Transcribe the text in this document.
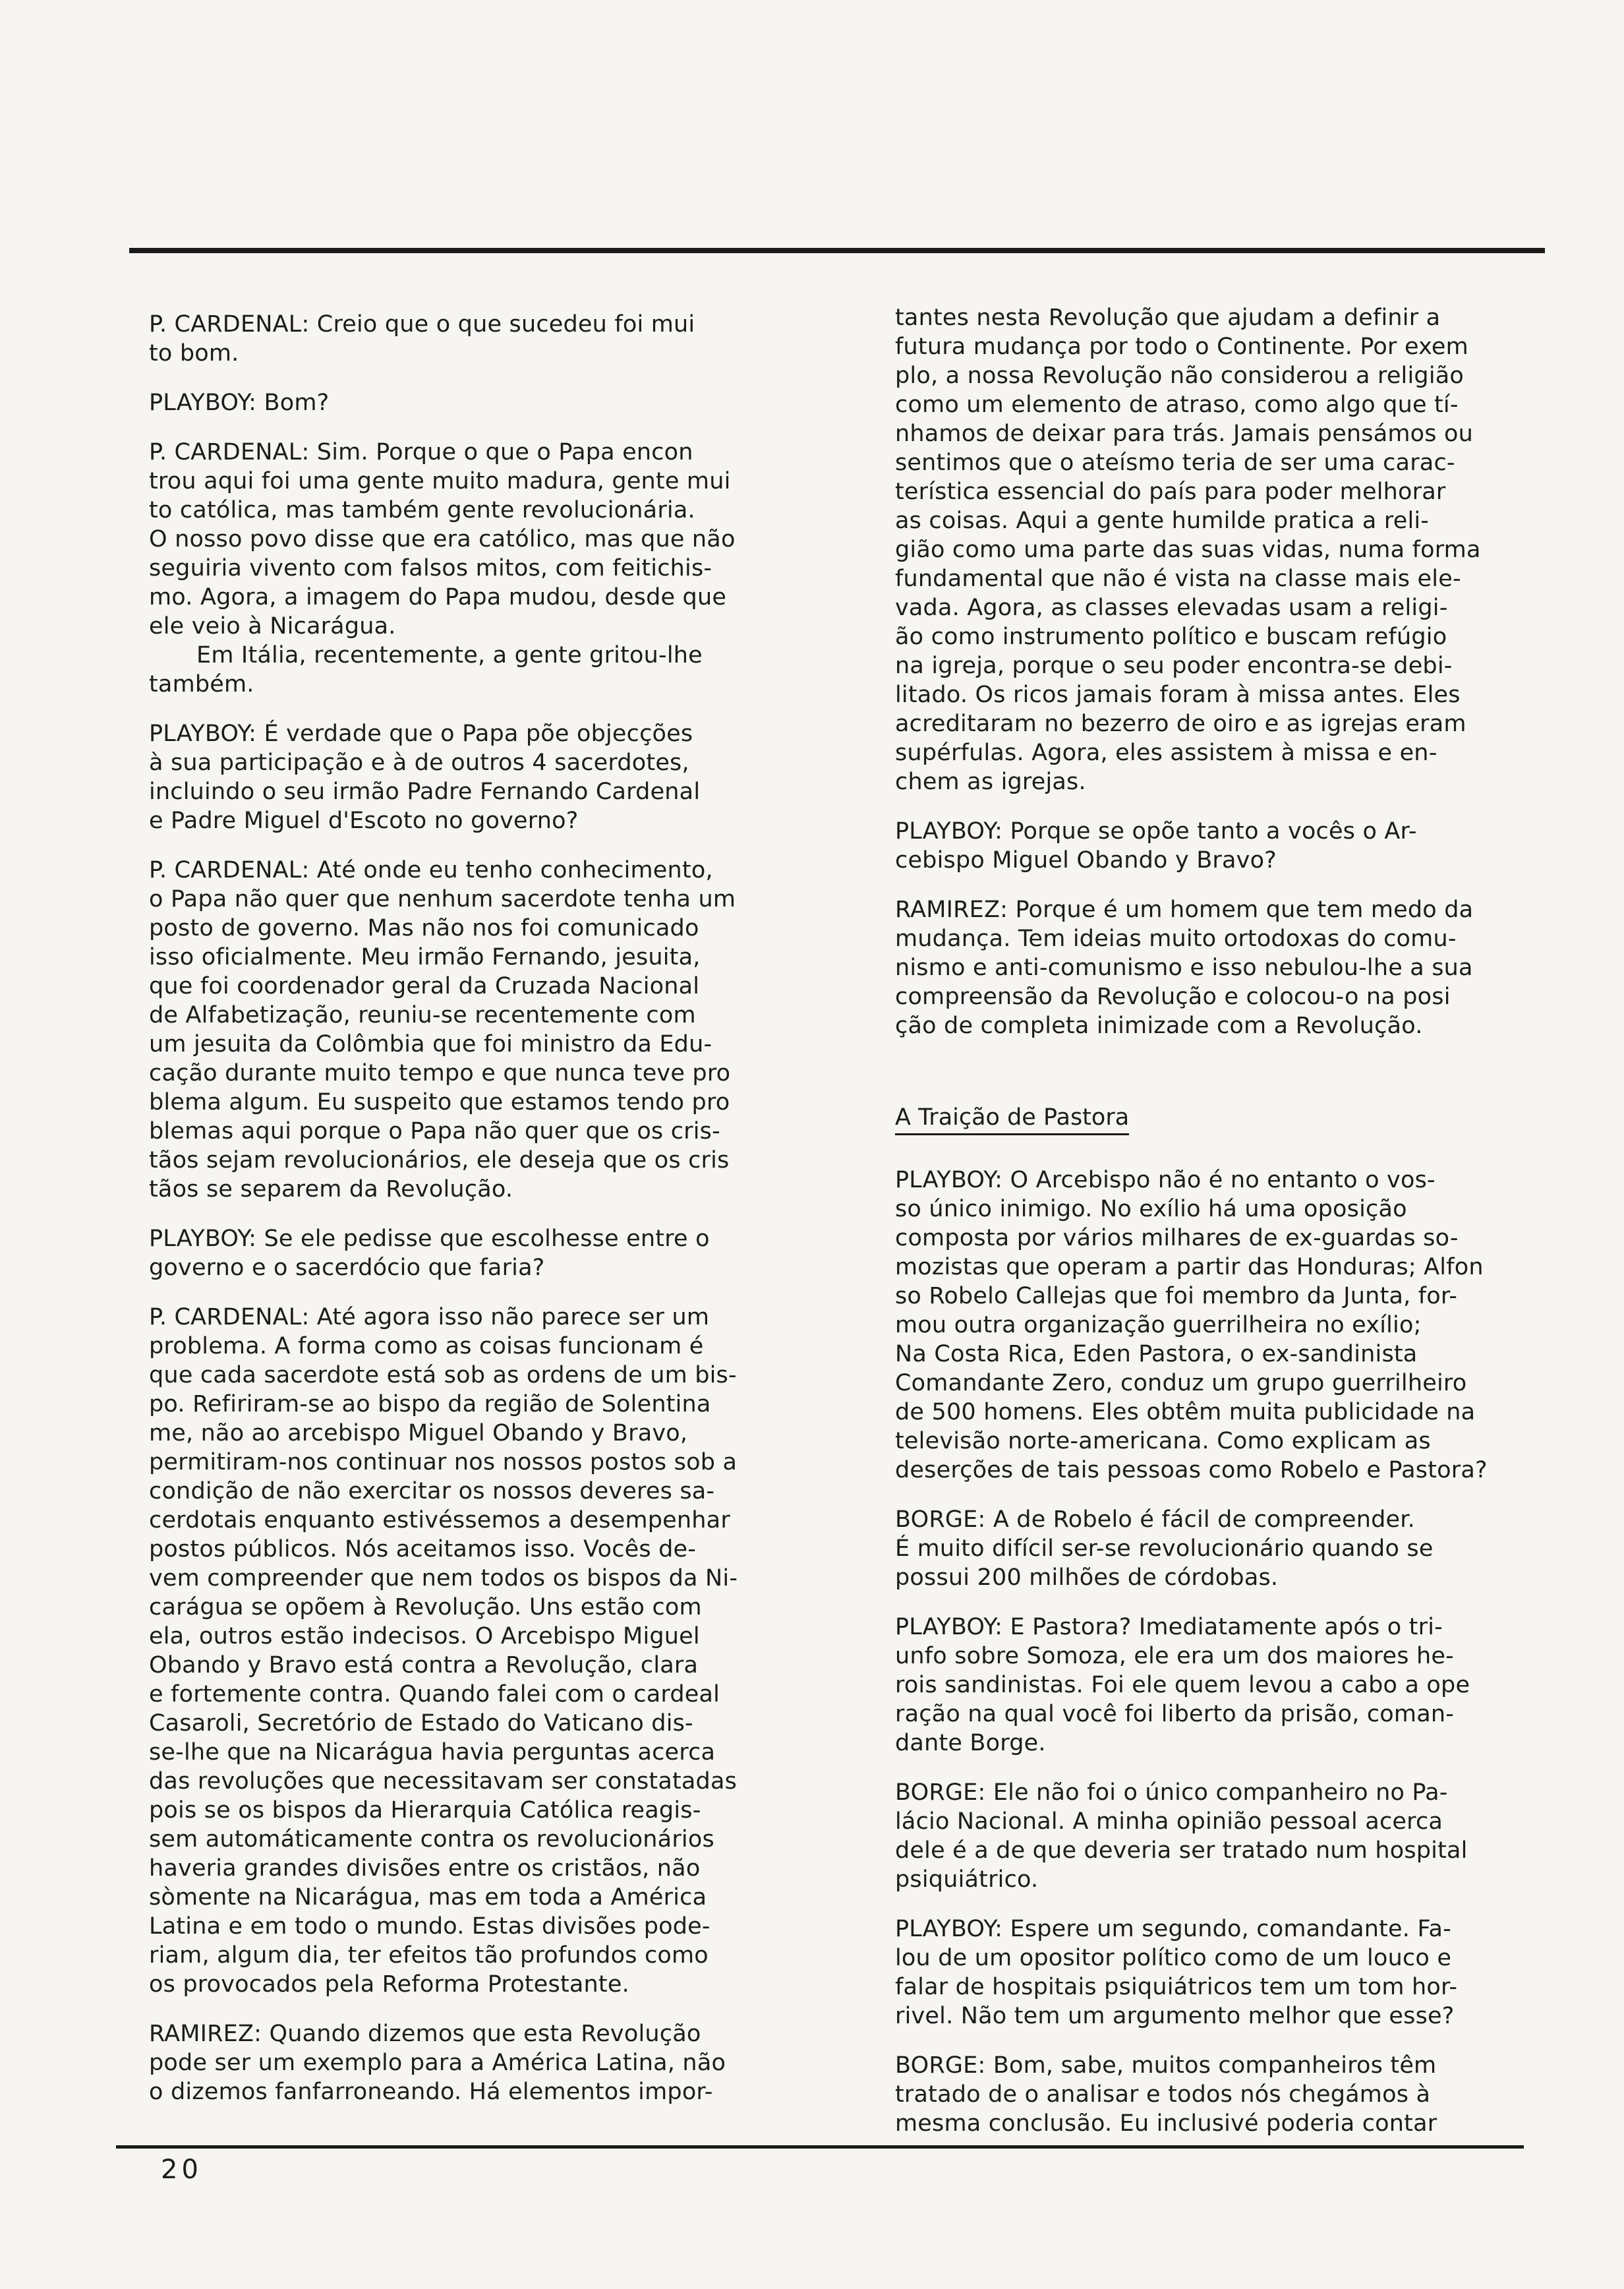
P. CARDENAL: Creio que o que sucedeu foi mui
to bom.
PLAYBOY: Bom?
P. CARDENAL: Sim. Porque o que o Papa encon
trou aqui foi uma gente muito madura, gente mui
to católica, mas também gente revolucionária.
O nosso povo disse que era católico, mas que não
seguiria vivento com falsos mitos, com feitichis-
mo. Agora, a imagem do Papa mudou, desde que
ele veio à Nicarágua.
Em Itália, recentemente, a gente gritou-lhe
também.
PLAYBOY: É verdade que o Papa põe objecções
à sua participação e à de outros 4 sacerdotes,
incluindo o seu irmão Padre Fernando Cardenal
e Padre Miguel d'Escoto no governo?
P. CARDENAL: Até onde eu tenho conhecimento,
o Papa não quer que nenhum sacerdote tenha um
posto de governo. Mas não nos foi comunicado
isso oficialmente. Meu irmão Fernando, jesuita,
que foi coordenador geral da Cruzada Nacional
de Alfabetização, reuniu-se recentemente com
um jesuita da Colômbia que foi ministro da Edu-
cação durante muito tempo e que nunca teve pro
blema algum. Eu suspeito que estamos tendo pro
blemas aqui porque o Papa não quer que os cris-
tãos sejam revolucionários, ele deseja que os cris
tãos se separem da Revolução.
PLAYBOY: Se ele pedisse que escolhesse entre o
governo e o sacerdócio que faria?
P. CARDENAL: Até agora isso não parece ser um
problema. A forma como as coisas funcionam é
que cada sacerdote está sob as ordens de um bis-
po. Refiriram-se ao bispo da região de Solentina
me, não ao arcebispo Miguel Obando y Bravo,
permitiram-nos continuar nos nossos postos sob a
condição de não exercitar os nossos deveres sa-
cerdotais enquanto estivéssemos a desempenhar
postos públicos. Nós aceitamos isso. Vocês de-
vem compreender que nem todos os bispos da Ni-
carágua se opõem à Revolução. Uns estão com
ela, outros estão indecisos. O Arcebispo Miguel
Obando y Bravo está contra a Revolução, clara
e fortemente contra. Quando falei com o cardeal
Casaroli, Secretório de Estado do Vaticano dis-
se-lhe que na Nicarágua havia perguntas acerca
das revoluções que necessitavam ser constatadas
pois se os bispos da Hierarquia Católica reagis-
sem automáticamente contra os revolucionários
haveria grandes divisões entre os cristãos, não
sòmente na Nicarágua, mas em toda a América
Latina e em todo o mundo. Estas divisões pode-
riam, algum dia, ter efeitos tão profundos como
os provocados pela Reforma Protestante.
RAMIREZ: Quando dizemos que esta Revolução
pode ser um exemplo para a América Latina, não
o dizemos fanfarroneando. Há elementos impor-
tantes nesta Revolução que ajudam a definir a
futura mudança por todo o Continente. Por exem
plo, a nossa Revolução não considerou a religião
como um elemento de atraso, como algo que tí-
nhamos de deixar para trás. Jamais pensámos ou
sentimos que o ateísmo teria de ser uma carac-
terística essencial do país para poder melhorar
as coisas. Aqui a gente humilde pratica a reli-
gião como uma parte das suas vidas, numa forma
fundamental que não é vista na classe mais ele-
vada. Agora, as classes elevadas usam a religi-
ão como instrumento político e buscam refúgio
na igreja, porque o seu poder encontra-se debi-
litado. Os ricos jamais foram à missa antes. Eles
acreditaram no bezerro de oiro e as igrejas eram
supérfulas. Agora, eles assistem à missa e en-
chem as igrejas.
PLAYBOY: Porque se opõe tanto a vocês o Ar-
cebispo Miguel Obando y Bravo?
RAMIREZ: Porque é um homem que tem medo da
mudança. Tem ideias muito ortodoxas do comu-
nismo e anti-comunismo e isso nebulou-lhe a sua
compreensão da Revolução e colocou-o na posi
ção de completa inimizade com a Revolução.
A Traição de Pastora
PLAYBOY: O Arcebispo não é no entanto o vos-
so único inimigo. No exílio há uma oposição
composta por vários milhares de ex-guardas so-
mozistas que operam a partir das Honduras; Alfon
so Robelo Callejas que foi membro da Junta, for-
mou outra organização guerrilheira no exílio;
Na Costa Rica, Eden Pastora, o ex-sandinista
Comandante Zero, conduz um grupo guerrilheiro
de 500 homens. Eles obtêm muita publicidade na
televisão norte-americana. Como explicam as
deserções de tais pessoas como Robelo e Pastora?
BORGE: A de Robelo é fácil de compreender.
É muito difícil ser-se revolucionário quando se
possui 200 milhões de córdobas.
PLAYBOY: E Pastora? Imediatamente após o tri-
unfo sobre Somoza, ele era um dos maiores he-
rois sandinistas. Foi ele quem levou a cabo a ope
ração na qual você foi liberto da prisão, coman-
dante Borge.
BORGE: Ele não foi o único companheiro no Pa-
lácio Nacional. A minha opinião pessoal acerca
dele é a de que deveria ser tratado num hospital
psiquiátrico.
PLAYBOY: Espere um segundo, comandante. Fa-
lou de um opositor político como de um louco e
falar de hospitais psiquiátricos tem um tom hor-
rivel. Não tem um argumento melhor que esse?
BORGE: Bom, sabe, muitos companheiros têm
tratado de o analisar e todos nós chegámos à
mesma conclusão. Eu inclusivé poderia contar
20
